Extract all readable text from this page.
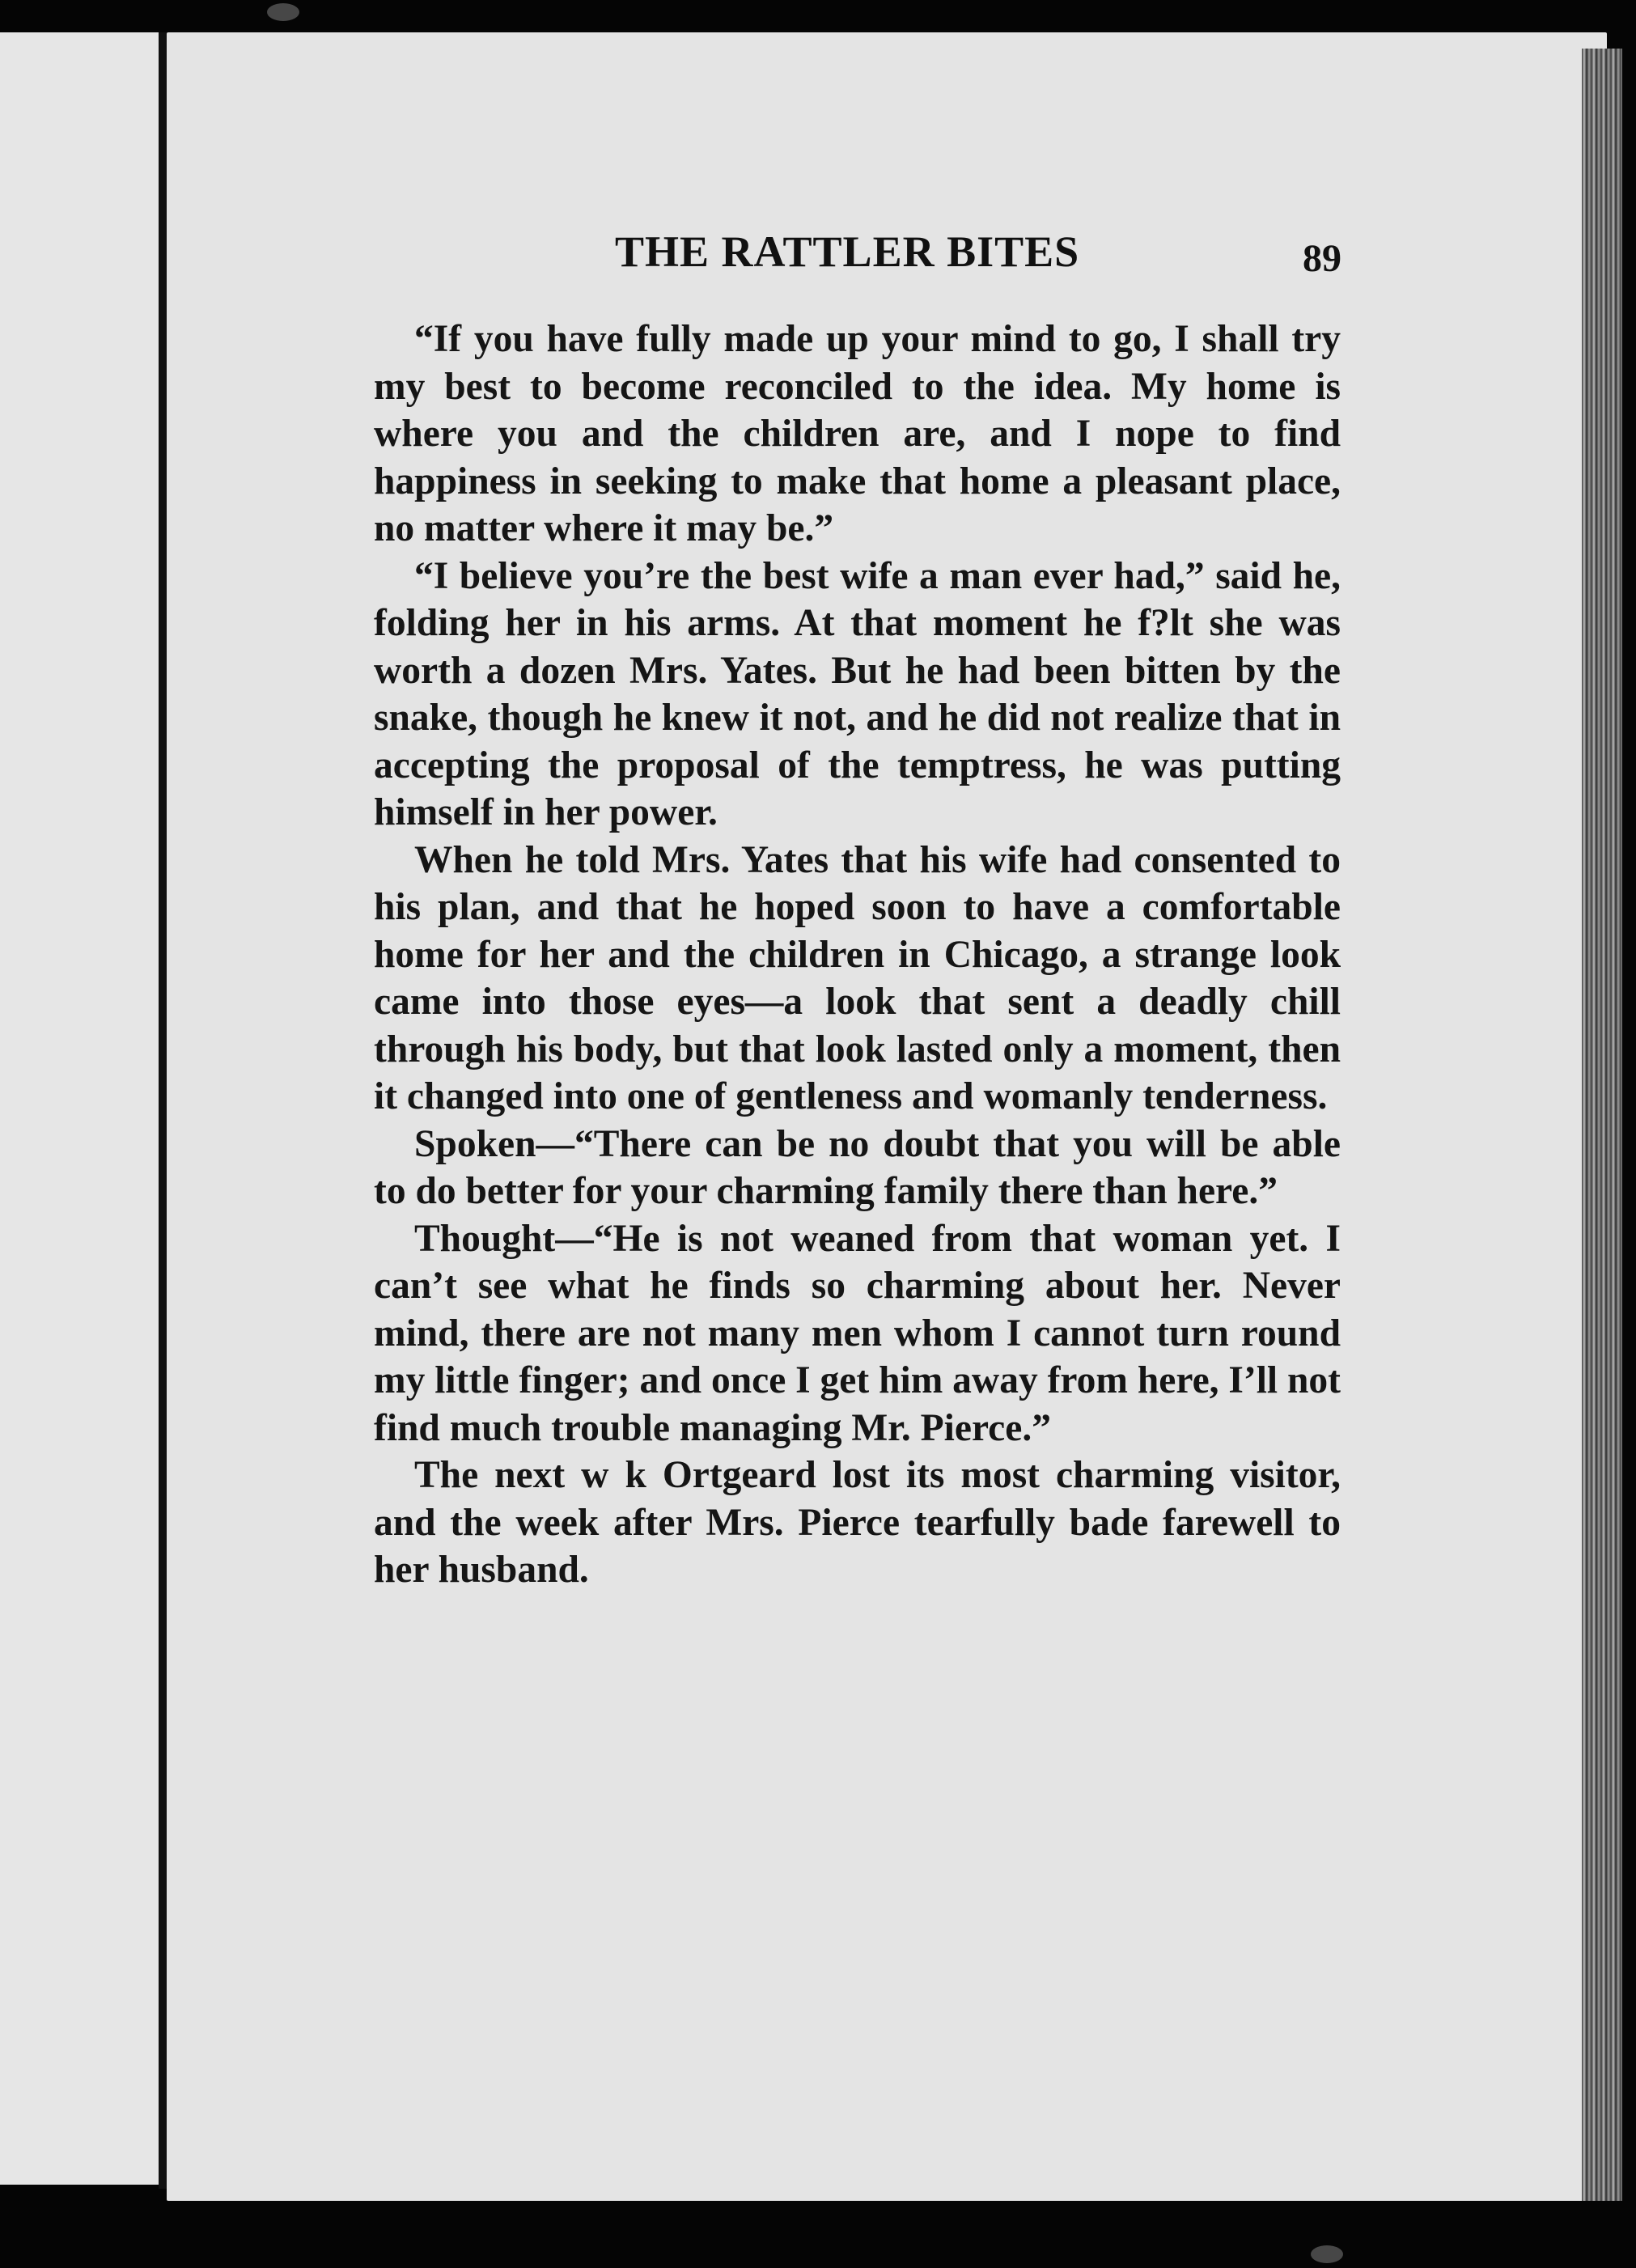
THE RATTLER BITES	89

“If you have fully made up your mind to go, I shall try my best to become reconciled to the idea. My home is where you and the children are, and I nope to find happiness in seeking to make that home a pleasant place, no matter where it may be.”

“I believe you’re the best wife a man ever had,” said he, folding her in his arms. At that moment he f?lt she was worth a dozen Mrs. Yates. But he had been bitten by the snake, though he knew it not, and he did not realize that in accepting the proposal of the temptress, he was putting himself in her power.

When he told Mrs. Yates that his wife had consented to his plan, and that he hoped soon to have a comfortable home for her and the children in Chicago, a strange look came into those eyes—a look that sent a deadly chill through his body, but that look lasted only a moment, then it changed into one of gentleness and womanly tenderness.

Spoken—“There can be no doubt that you will be able to do better for your charming family there than here.”

Thought—“He is not weaned from that woman yet. I can’t see what he finds so charming about her. Never mind, there are not many men whom I cannot turn round my little finger; and once I get him away from here, I’ll not find much trouble managing Mr. Pierce.”

The next w k Ortgeard lost its most charming visitor, and the week after Mrs. Pierce tearfully bade farewell to her husband.
